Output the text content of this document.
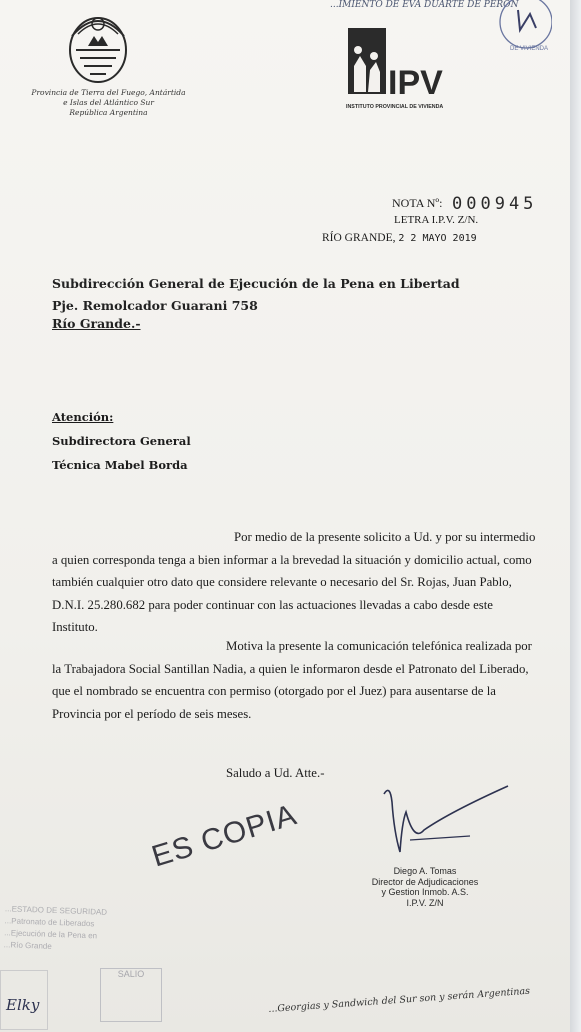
Provincia de Tierra del Fuego, Antártida
e Islas del Atlántico Sur
República Argentina
...IMIENTO DE EVA DUARTE DE PERÓN
DE VIVIENDA
IPV
INSTITUTO PROVINCIAL DE VIVIENDA
NOTA Nº: 000945
LETRA I.P.V. Z/N.
RÍO GRANDE, 2 2 MAYO 2019
Subdirección General de Ejecución de la Pena en Libertad
Pje. Remolcador Guarani 758
Río Grande.-
Atención:
Subdirectora General
Técnica Mabel Borda
Por medio de la presente solicito a Ud. y por su intermedio a quien corresponda tenga a bien informar a la brevedad la situación y domicilio actual, como también cualquier otro dato que considere relevante o necesario del Sr. Rojas, Juan Pablo, D.N.I. 25.280.682 para poder continuar con las actuaciones llevadas a cabo desde este Instituto.
Motiva la presente la comunicación telefónica realizada por la Trabajadora Social Santillan Nadia, a quien le informaron desde el Patronato del Liberado, que el nombrado se encuentra con permiso (otorgado por el Juez) para ausentarse de la Provincia por el período de seis meses.
Saludo a Ud. Atte.-
Diego A. Tomas
Director de Adjudicaciones
y Gestion Inmob. A.S.
I.P.V. Z/N
ES COPIA
...ESTADO DE SEGURIDAD
...Patronato de Liberados
...Ejecución de la Pena en
...Río Grande
SALIO
Elky	...Georgias y Sandwich del Sur son y serán Argentinas
